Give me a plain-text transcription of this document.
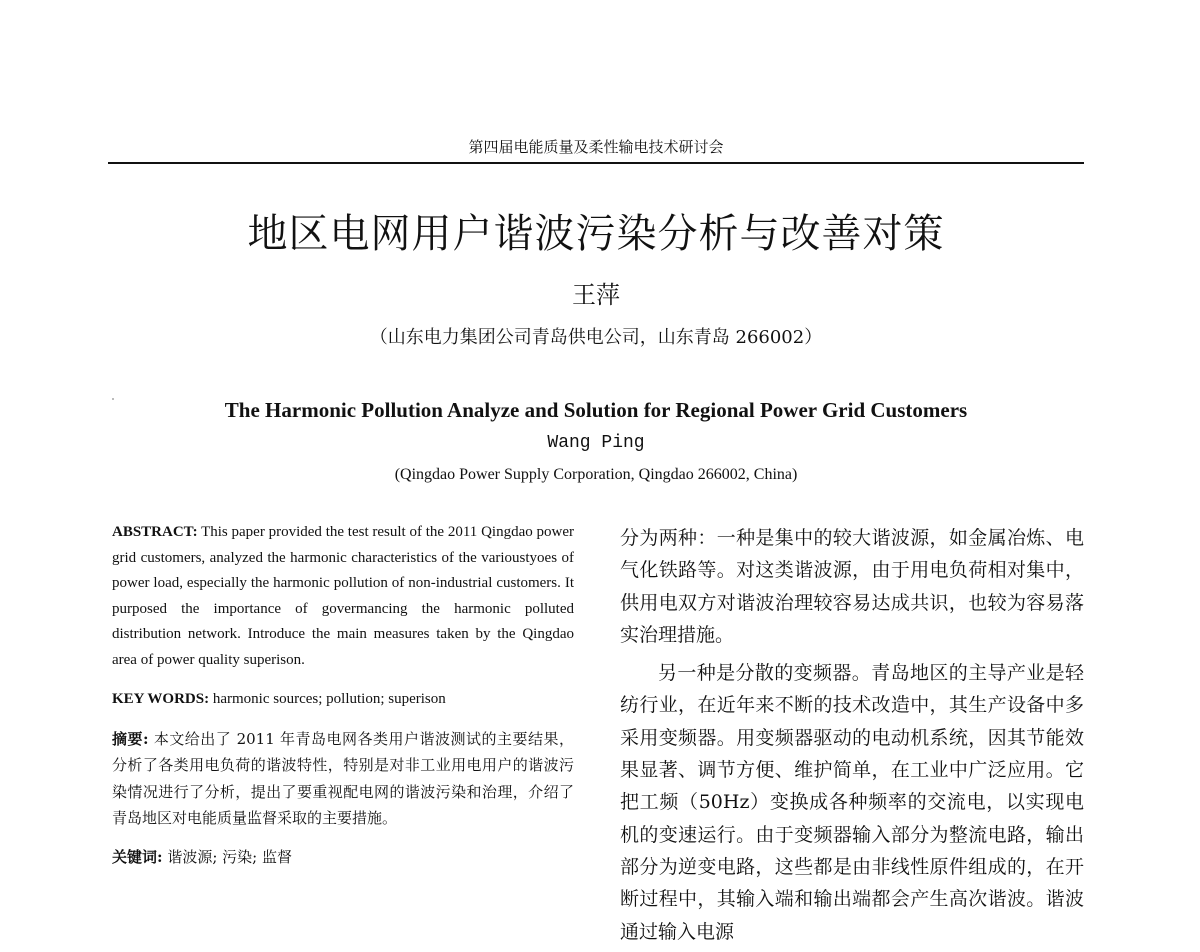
第四届电能质量及柔性输电技术研讨会
地区电网用户谐波污染分析与改善对策
王萍
（山东电力集团公司青岛供电公司，山东青岛 266002）
The Harmonic Pollution Analyze and Solution for Regional Power Grid Customers
Wang Ping
(Qingdao Power Supply Corporation, Qingdao 266002, China)

ABSTRACT: This paper provided the test result of the 2011 Qingdao power grid customers, analyzed the harmonic characteristics of the varioustyoes of power load, especially the harmonic pollution of non-industrial customers. It purposed the importance of govermancing the harmonic polluted distribution network. Introduce the main measures taken by the Qingdao area of power quality superison.

KEY WORDS: harmonic sources; pollution; superison

摘要: 本文给出了 2011 年青岛电网各类用户谐波测试的主要结果，分析了各类用电负荷的谐波特性，特别是对非工业用电用户的谐波污染情况进行了分析，提出了要重视配电网的谐波污染和治理，介绍了青岛地区对电能质量监督采取的主要措施。

关键词: 谐波源; 污染; 监督

分为两种：一种是集中的较大谐波源，如金属冶炼、电气化铁路等。对这类谐波源，由于用电负荷相对集中，供用电双方对谐波治理较容易达成共识，也较为容易落实治理措施。

另一种是分散的变频器。青岛地区的主导产业是轻纺行业，在近年来不断的技术改造中，其生产设备中多采用变频器。用变频器驱动的电动机系统，因其节能效果显著、调节方便、维护简单，在工业中广泛应用。它把工频（50Hz）变换成各种频率的交流电，以实现电机的变速运行。由于变频器输入部分为整流电路，输出部分为逆变电路，这些都是由非线性原件组成的，在开断过程中，其输入端和输出端都会产生高次谐波。谐波通过输入电源
